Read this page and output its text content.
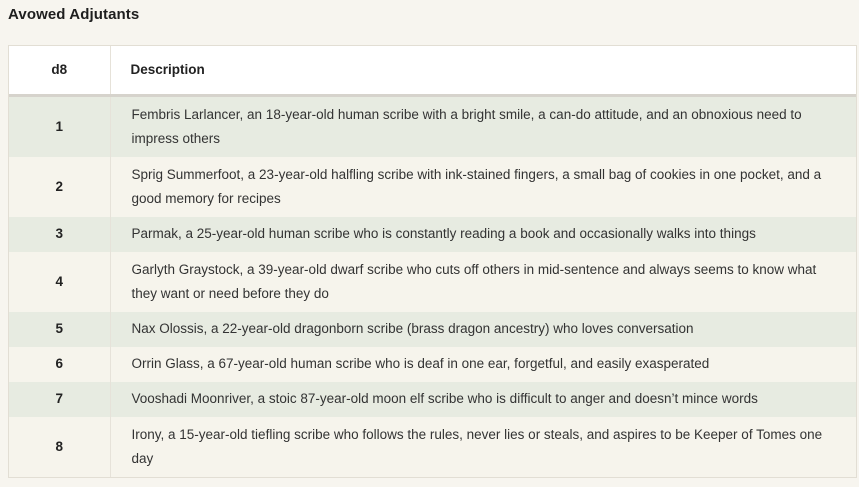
Avowed Adjutants
d8	Description
1	Fembris Larlancer, an 18-year-old human scribe with a bright smile, a can-do attitude, and an obnoxious need to impress others
2	Sprig Summerfoot, a 23-year-old halfling scribe with ink-stained fingers, a small bag of cookies in one pocket, and a good memory for recipes
3	Parmak, a 25-year-old human scribe who is constantly reading a book and occasionally walks into things
4	Garlyth Graystock, a 39-year-old dwarf scribe who cuts off others in mid-sentence and always seems to know what they want or need before they do
5	Nax Olossis, a 22-year-old dragonborn scribe (brass dragon ancestry) who loves conversation
6	Orrin Glass, a 67-year-old human scribe who is deaf in one ear, forgetful, and easily exasperated
7	Vooshadi Moonriver, a stoic 87-year-old moon elf scribe who is difficult to anger and doesn’t mince words
8	Irony, a 15-year-old tiefling scribe who follows the rules, never lies or steals, and aspires to be Keeper of Tomes one day
